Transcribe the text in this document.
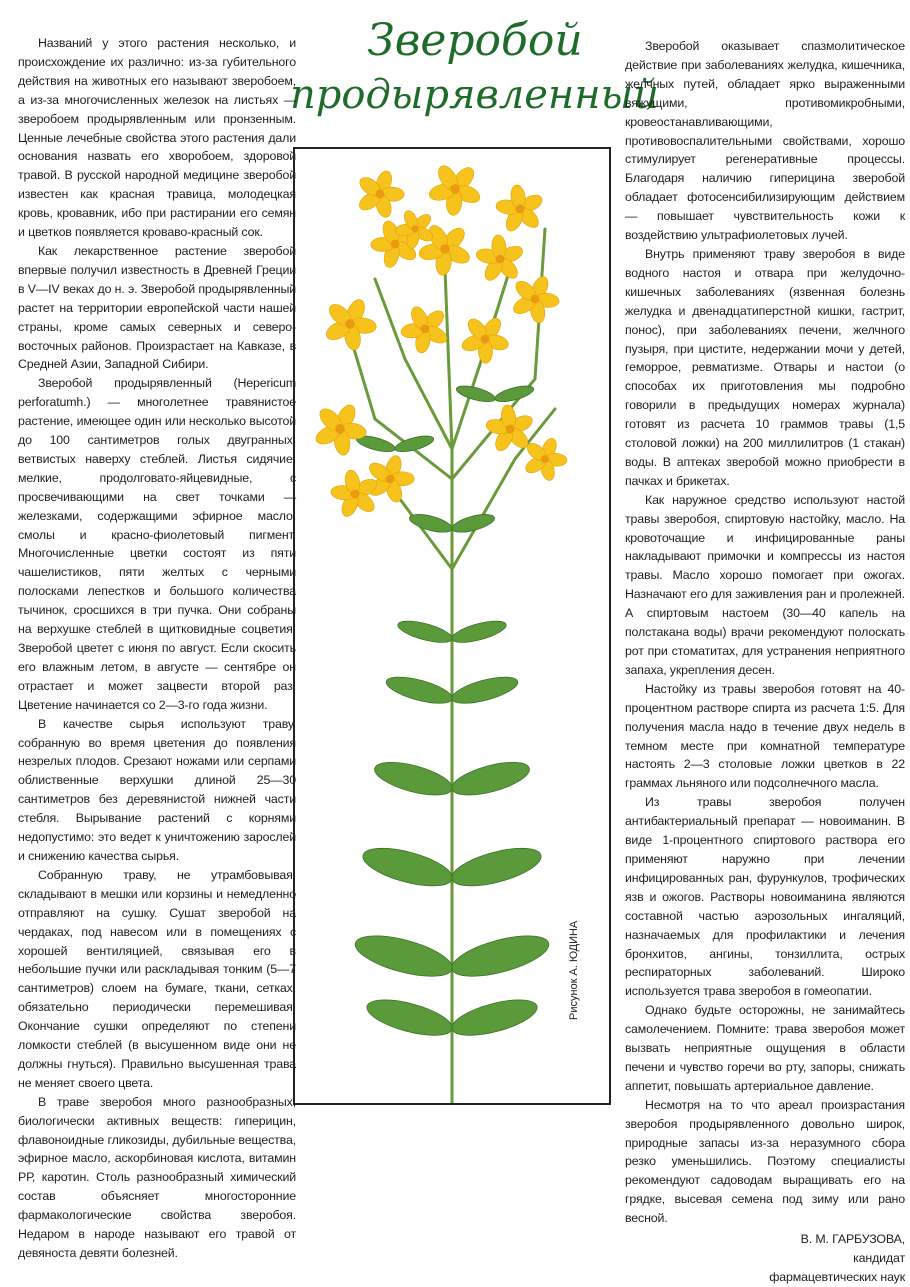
Зверобой
продырявленный

Названий у этого растения несколько, и происхождение их различно: из-за губительного действия на животных его называют зверобоем, а из-за многочисленных железок на листьях — зверобоем продырявленным или пронзенным. Ценные лечебные свойства этого растения дали основания назвать его хворобоем, здоровой травой. В русской народной медицине зверобой известен как красная травица, молодецкая кровь, кровавник, ибо при растирании его семян и цветков появляется кроваво-красный сок.

Как лекарственное растение зверобой впервые получил известность в Древней Греции в V—IV веках до н. э. Зверобой продырявленный растет на территории европейской части нашей страны, кроме самых северных и северо-восточных районов. Произрастает на Кавказе, в Средней Азии, Западной Сибири.

Зверобой продырявленный (Hepericum perforatumh.) — многолетнее травянистое растение, имеющее один или несколько высотой до 100 сантиметров голых двугранных, ветвистых наверху стеблей. Листья сидячие, мелкие, продолговато-яйцевидные, с просвечивающими на свет точками — железками, содержащими эфирное масло, смолы и красно-фиолетовый пигмент. Многочисленные цветки состоят из пяти чашелистиков, пяти желтых с черными полосками лепестков и большого количества тычинок, сросшихся в три пучка. Они собраны на верхушке стеблей в щитковидные соцветия. Зверобой цветет с июня по август. Если скосить его влажным летом, в августе — сентябре он отрастает и может зацвести второй раз. Цветение начинается со 2—3-го года жизни.

В качестве сырья используют траву, собранную во время цветения до появления незрелых плодов. Срезают ножами или серпами облиственные верхушки длиной 25—30 сантиметров без деревянистой нижней части стебля. Вырывание растений с корнями недопустимо: это ведет к уничтожению зарослей и снижению качества сырья.

Собранную траву, не утрамбовывая, складывают в мешки или корзины и немедленно отправляют на сушку. Сушат зверобой на чердаках, под навесом или в помещениях с хорошей вентиляцией, связывая его в небольшие пучки или раскладывая тонким (5—7 сантиметров) слоем на бумаге, ткани, сетках, обязательно периодически перемешивая. Окончание сушки определяют по степени ломкости стеблей (в высушенном виде они не должны гнуться). Правильно высушенная трава не меняет своего цвета.

В траве зверобоя много разнообразных, биологически активных веществ: гиперицин, флавоноидные гликозиды, дубильные вещества, эфирное масло, аскорбиновая кислота, витамин РР, каротин. Столь разнообразный химический состав объясняет многосторонние фармакологические свойства зверобоя. Недаром в народе называют его травой от девяноста девяти болезней.

Зверобой оказывает спазмолитическое действие при заболеваниях желудка, кишечника, желчных путей, обладает ярко выраженными вяжущими, противомикробными, кровеостанавливающими, противовоспалительными свойствами, хорошо стимулирует регенеративные процессы. Благодаря наличию гиперицина зверобой обладает фотосенсибилизирующим действием — повышает чувствительность кожи к воздействию ультрафиолетовых лучей.

Внутрь применяют траву зверобоя в виде водного настоя и отвара при желудочно-кишечных заболеваниях (язвенная болезнь желудка и двенадцатиперстной кишки, гастрит, понос), при заболеваниях печени, желчного пузыря, при цистите, недержании мочи у детей, геморрое, ревматизме. Отвары и настои (о способах их приготовления мы подробно говорили в предыдущих номерах журнала) готовят из расчета 10 граммов травы (1,5 столовой ложки) на 200 миллилитров (1 стакан) воды. В аптеках зверобой можно приобрести в пачках и брикетах.

Как наружное средство используют настой травы зверобоя, спиртовую настойку, масло. На кровоточащие и инфицированные раны накладывают примочки и компрессы из настоя травы. Масло хорошо помогает при ожогах. Назначают его для заживления ран и пролежней. А спиртовым настоем (30—40 капель на полстакана воды) врачи рекомендуют полоскать рот при стоматитах, для устранения неприятного запаха, укрепления десен.

Настойку из травы зверобоя готовят на 40-процентном растворе спирта из расчета 1:5. Для получения масла надо в течение двух недель в темном месте при комнатной температуре настоять 2—3 столовые ложки цветков в 22 граммах льняного или подсолнечного масла.

Из травы зверобоя получен антибактериальный препарат — новоиманин. В виде 1-процентного спиртового раствора его применяют наружно при лечении инфицированных ран, фурункулов, трофических язв и ожогов. Растворы новоиманина являются составной частью аэрозольных ингаляций, назначаемых для профилактики и лечения бронхитов, ангины, тонзиллита, острых респираторных заболеваний. Широко используется трава зверобоя в гомеопатии.

Однако будьте осторожны, не занимайтесь самолечением. Помните: трава зверобоя может вызвать неприятные ощущения в области печени и чувство горечи во рту, запоры, снижать аппетит, повышать артериальное давление.

Несмотря на то что ареал произрастания зверобоя продырявленного довольно широк, природные запасы из-за неразумного сбора резко уменьшились. Поэтому специалисты рекомендуют садоводам выращивать его на грядке, высевая семена под зиму или рано весной.

В. М. ГАРБУЗОВА,
кандидат
фармацевтических наук
Рисунок А. ЮДИНА
